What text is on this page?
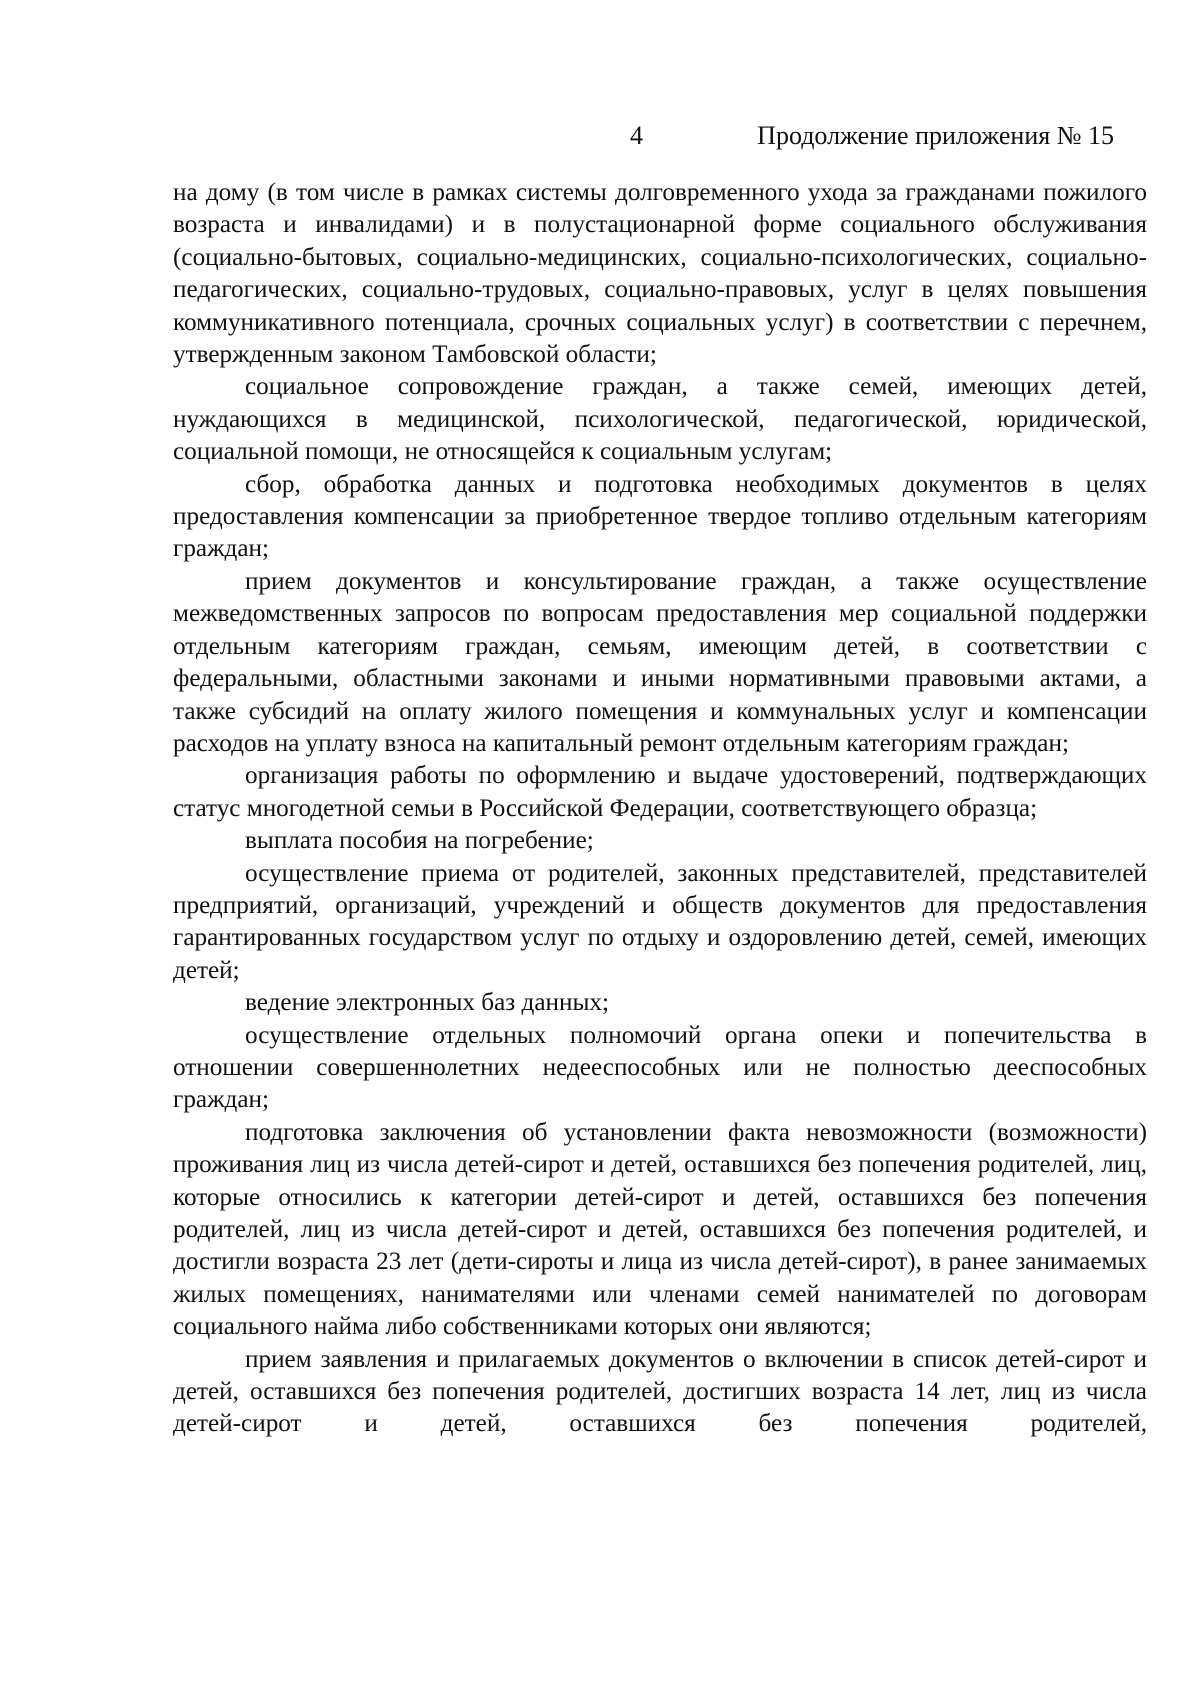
4	Продолжение приложения № 15

на дому (в том числе в рамках системы долговременного ухода за гражданами пожилого возраста и инвалидами) и в полустационарной форме социального обслуживания (социально-бытовых, социально-медицинских, социально-психологических, социально-педагогических, социально-трудовых, социально-правовых, услуг в целях повышения коммуникативного потенциала, срочных социальных услуг) в соответствии с перечнем, утвержденным законом Тамбовской области;

социальное сопровождение граждан, а также семей, имеющих детей, нуждающихся в медицинской, психологической, педагогической, юридической, социальной помощи, не относящейся к социальным услугам;

сбор, обработка данных и подготовка необходимых документов в целях предоставления компенсации за приобретенное твердое топливо отдельным категориям граждан;

прием документов и консультирование граждан, а также осуществление межведомственных запросов по вопросам предоставления мер социальной поддержки отдельным категориям граждан, семьям, имеющим детей, в соответствии с федеральными, областными законами и иными нормативными правовыми актами, а также субсидий на оплату жилого помещения и коммунальных услуг и компенсации расходов на уплату взноса на капитальный ремонт отдельным категориям граждан;

организация работы по оформлению и выдаче удостоверений, подтверждающих статус многодетной семьи в Российской Федерации, соответствующего образца;

выплата пособия на погребение;

осуществление приема от родителей, законных представителей, представителей предприятий, организаций, учреждений и обществ документов для предоставления гарантированных государством услуг по отдыху и оздоровлению детей, семей, имеющих детей;

ведение электронных баз данных;

осуществление отдельных полномочий органа опеки и попечительства в отношении совершеннолетних недееспособных или не полностью дееспособных граждан;

подготовка заключения об установлении факта невозможности (возможности) проживания лиц из числа детей-сирот и детей, оставшихся без попечения родителей, лиц, которые относились к категории детей-сирот и детей, оставшихся без попечения родителей, лиц из числа детей-сирот и детей, оставшихся без попечения родителей, и достигли возраста 23 лет (дети-сироты и лица из числа детей-сирот), в ранее занимаемых жилых помещениях, нанимателями или членами семей нанимателей по договорам социального найма либо собственниками которых они являются;

прием заявления и прилагаемых документов о включении в список детей-сирот и детей, оставшихся без попечения родителей, достигших возраста 14 лет, лиц из числа детей-сирот и детей, оставшихся без попечения родителей,
